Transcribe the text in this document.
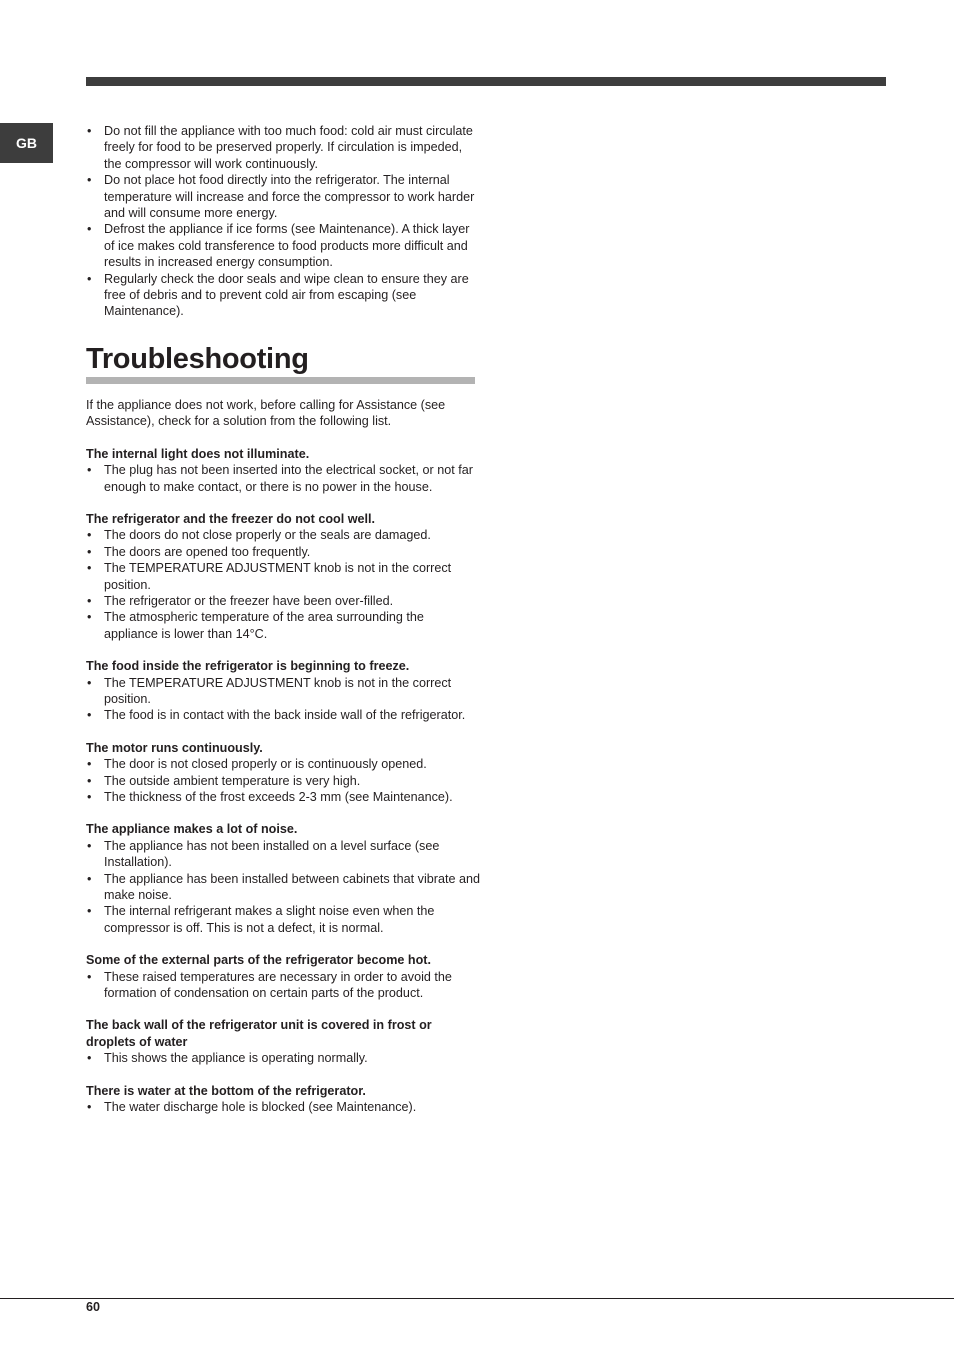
GB
• Do not fill the appliance with too much food: cold air must circulate freely for food to be preserved properly. If circulation is impeded, the compressor will work continuously.
• Do not place hot food directly into the refrigerator. The internal temperature will increase and force the compressor to work harder and will consume more energy.
• Defrost the appliance if ice forms (see Maintenance). A thick layer of ice makes cold transference to food products more difficult and results in increased energy consumption.
• Regularly check the door seals and wipe clean to ensure they are free of debris and to prevent cold air from escaping (see Maintenance).
Troubleshooting

If the appliance does not work, before calling for Assistance (see Assistance), check for a solution from the following list.

The internal light does not illuminate.
• The plug has not been inserted into the electrical socket, or not far enough to make contact, or there is no power in the house.
The refrigerator and the freezer do not cool well.
• The doors do not close properly or the seals are damaged.
• The doors are opened too frequently.
• The TEMPERATURE ADJUSTMENT knob is not in the correct position.
• The refrigerator or the freezer have been over-filled.
• The atmospheric temperature of the area surrounding the appliance is lower than 14°C.
The food inside the refrigerator is beginning to freeze.
• The TEMPERATURE ADJUSTMENT knob is not in the correct position.
• The food is in contact with the back inside wall of the refrigerator.
The motor runs continuously.
• The door is not closed properly or is continuously opened.
• The outside ambient temperature is very high.
• The thickness of the frost exceeds 2-3 mm (see Maintenance).
The appliance makes a lot of noise.
• The appliance has not been installed on a level surface (see Installation).
• The appliance has been installed between cabinets that vibrate and make noise.
• The internal refrigerant makes a slight noise even when the compressor is off. This is not a defect, it is normal.
Some of the external parts of the refrigerator become hot.
• These raised temperatures are necessary in order to avoid the formation of condensation on certain parts of the product.
The back wall of the refrigerator unit is covered in frost or droplets of water
• This shows the appliance is operating normally.
There is water at the bottom of the refrigerator.
• The water discharge hole is blocked (see Maintenance).
60
